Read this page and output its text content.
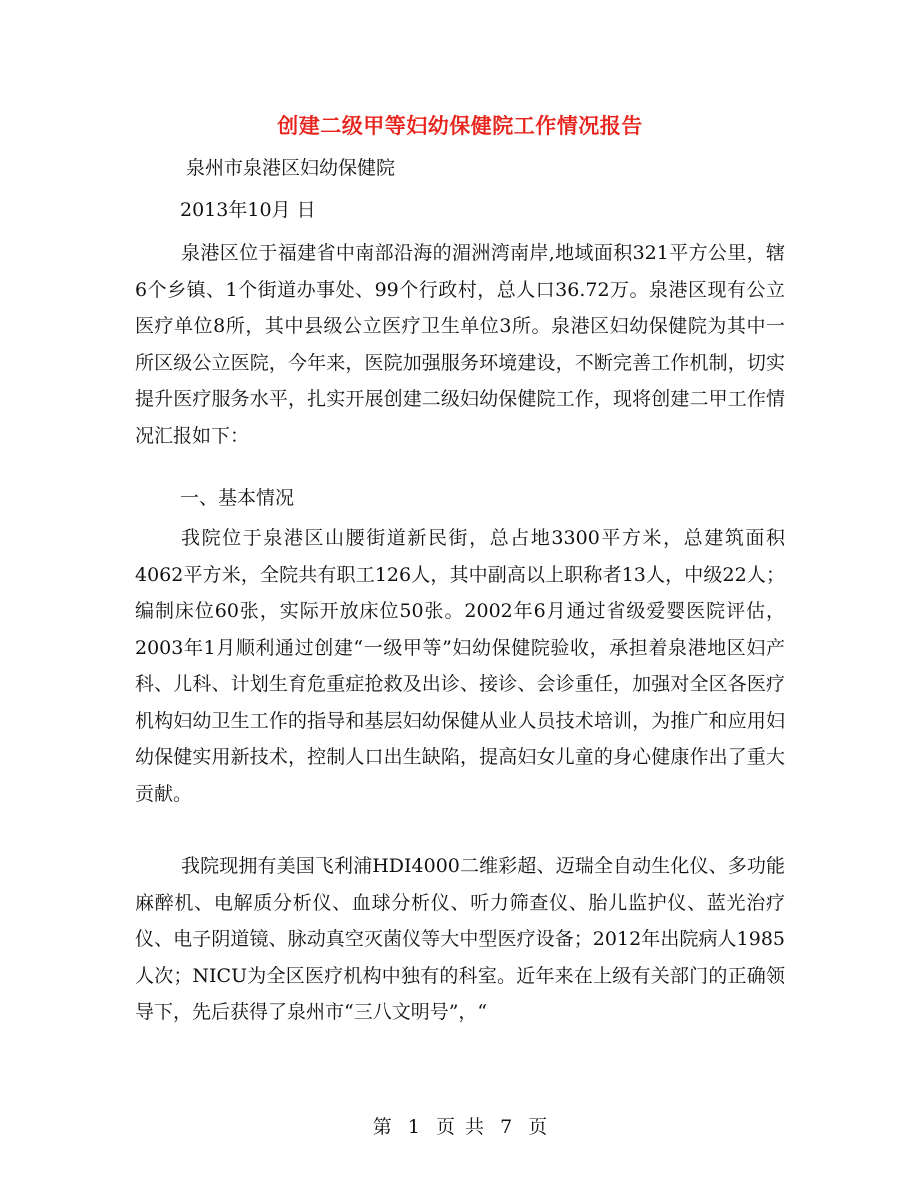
创建二级甲等妇幼保健院工作情况报告
泉州市泉港区妇幼保健院
2013年10月 日

泉港区位于福建省中南部沿海的湄洲湾南岸,地域面积321平方公里，辖6个乡镇、1个街道办事处、99个行政村，总人口36.72万。泉港区现有公立医疗单位8所，其中县级公立医疗卫生单位3所。泉港区妇幼保健院为其中一所区级公立医院，今年来，医院加强服务环境建设，不断完善工作机制，切实提升医疗服务水平，扎实开展创建二级妇幼保健院工作，现将创建二甲工作情况汇报如下：

一、基本情况

我院位于泉港区山腰街道新民街，总占地3300平方米，总建筑面积4062平方米，全院共有职工126人，其中副高以上职称者13人，中级22人；编制床位60张，实际开放床位50张。2002年6月通过省级爱婴医院评估，2003年1月顺利通过创建“一级甲等”妇幼保健院验收，承担着泉港地区妇产科、儿科、计划生育危重症抢救及出诊、接诊、会诊重任，加强对全区各医疗机构妇幼卫生工作的指导和基层妇幼保健从业人员技术培训，为推广和应用妇幼保健实用新技术，控制人口出生缺陷，提高妇女儿童的身心健康作出了重大贡献。

我院现拥有美国飞利浦HDI4000二维彩超、迈瑞全自动生化仪、多功能麻醉机、电解质分析仪、血球分析仪、听力筛查仪、胎儿监护仪、蓝光治疗仪、电子阴道镜、脉动真空灭菌仪等大中型医疗设备；2012年出院病人1985人次；NICU为全区医疗机构中独有的科室。近年来在上级有关部门的正确领导下，先后获得了泉州市“三八文明号”，“

第 1 页 共 7 页
